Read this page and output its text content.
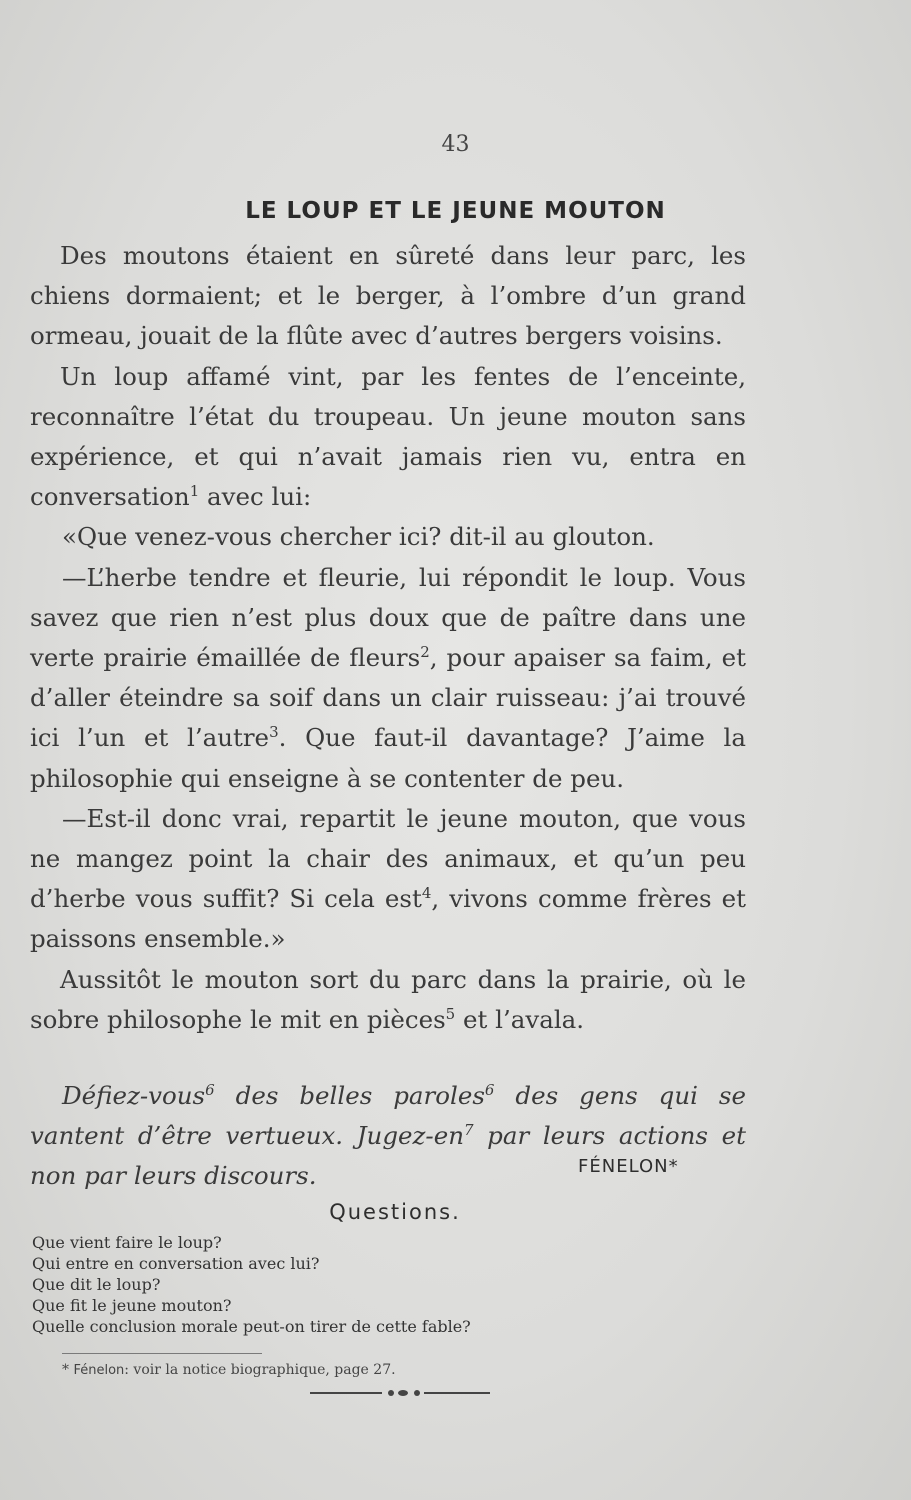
43
LE LOUP ET LE JEUNE MOUTON

Des moutons étaient en sûreté dans leur parc, les chiens dormaient; et le berger, à l’ombre d’un grand ormeau, jouait de la flûte avec d’autres bergers voisins.

Un loup affamé vint, par les fentes de l’enceinte, reconnaître l’état du troupeau. Un jeune mouton sans expérience, et qui n’avait jamais rien vu, entra en conversation$^1$ avec lui:

«Que venez-vous chercher ici? dit-il au glouton.

—L’herbe tendre et fleurie, lui répondit le loup. Vous savez que rien n’est plus doux que de paître dans une verte prairie émaillée de fleurs$^2$, pour apaiser sa faim, et d’aller éteindre sa soif dans un clair ruisseau: j’ai trouvé ici l’un et l’autre$^3$. Que faut-il davantage? J’aime la philosophie qui enseigne à se contenter de peu.

—Est-il donc vrai, repartit le jeune mouton, que vous ne mangez point la chair des animaux, et qu’un peu d’herbe vous suffit? Si cela est$^4$, vivons comme frères et paissons ensemble.»

Aussitôt le mouton sort du parc dans la prairie, où le sobre philosophe le mit en pièces$^5$ et l’avala.

Défiez-vous$^6$ des belles paroles$^6$ des gens qui se vantent d’être vertueux. Jugez-$en^7$ par leurs actions et non par leurs discours.	FÉNELON*
Questions.
Que vient faire le loup?
Qui entre en conversation avec lui?
Que dit le loup?
Que fit le jeune mouton?
Quelle conclusion morale peut-on tirer de cette fable?
* Fénelon: voir la notice biographique, page 27.
